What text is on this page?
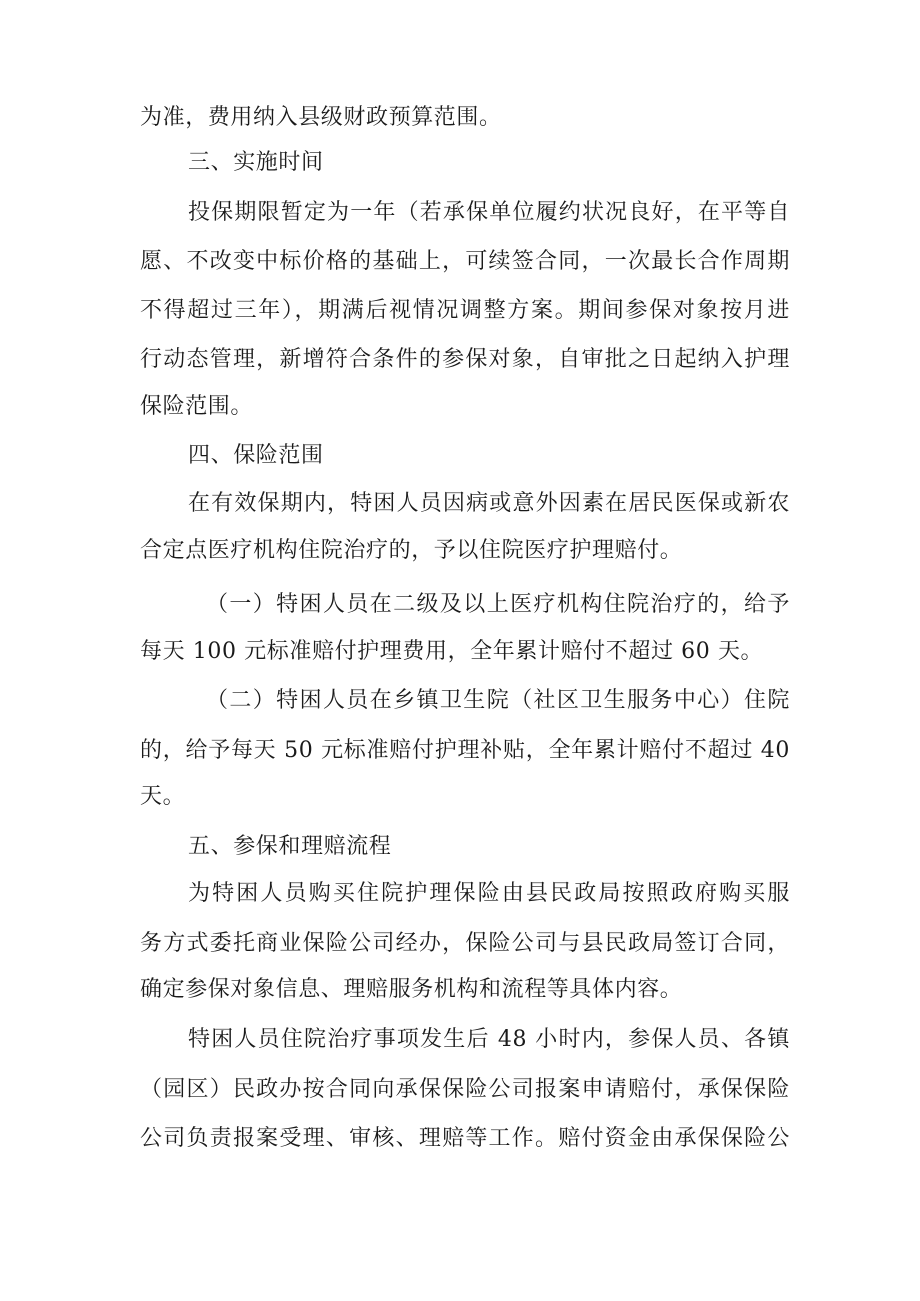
为准，费用纳入县级财政预算范围。

三、实施时间

投保期限暂定为一年（若承保单位履约状况良好，在平等自

愿、不改变中标价格的基础上，可续签合同，一次最长合作周期

不得超过三年），期满后视情况调整方案。期间参保对象按月进

行动态管理，新增符合条件的参保对象，自审批之日起纳入护理

保险范围。

四、保险范围

在有效保期内，特困人员因病或意外因素在居民医保或新农

合定点医疗机构住院治疗的，予以住院医疗护理赔付。

（一）特困人员在二级及以上医疗机构住院治疗的，给予

每天 100 元标准赔付护理费用，全年累计赔付不超过 60 天。

（二）特困人员在乡镇卫生院（社区卫生服务中心）住院

的，给予每天 50 元标准赔付护理补贴，全年累计赔付不超过 40

天。

五、参保和理赔流程

为特困人员购买住院护理保险由县民政局按照政府购买服

务方式委托商业保险公司经办，保险公司与县民政局签订合同，

确定参保对象信息、理赔服务机构和流程等具体内容。

特困人员住院治疗事项发生后 48 小时内，参保人员、各镇

（园区）民政办按合同向承保保险公司报案申请赔付，承保保险

公司负责报案受理、审核、理赔等工作。赔付资金由承保保险公
